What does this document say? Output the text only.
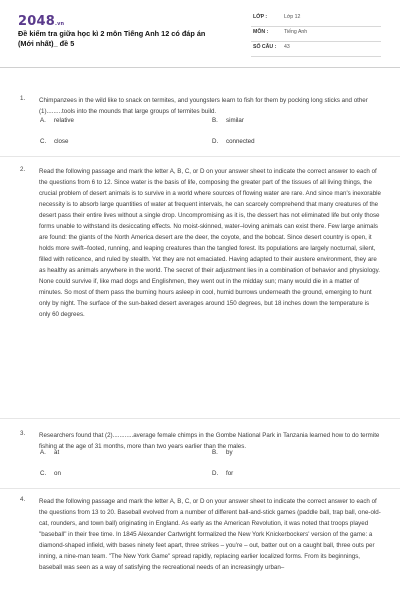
2048.vn
Đề kiểm tra giữa học kì 2 môn Tiếng Anh 12 có đáp án (Mới nhất)_ đề 5
LỚP :	Lớp 12
MÔN :	Tiếng Anh
SỐ CÂU : 43
1. Chimpanzees in the wild like to snack on termites, and youngsters learn to fish for them by pocking long sticks and other (1).........tools into the mounds that large groups of termites build.

A. relative	B. similar
C. close	D. connected
2. Read the following passage and mark the letter A, B, C, or D on your answer sheet to indicate the correct answer to each of the questions from 6 to 12. Since water is the basis of life, composing the greater part of the tissues of all living things, the crucial problem of desert animals is to survive in a world where sources of flowing water are rare. And since man's inexorable necessity is to absorb large quantities of water at frequent intervals, he can scarcely comprehend that many creatures of the desert pass their entire lives without a single drop. Uncompromising as it is, the dessert has not eliminated life but only those forms unable to withstand its desiccating effects. No moist-skinned, water–loving animals can exist there. Few large animals are found: the giants of the North America desert are the deer, the coyote, and the bobcat. Since desert country is open, it holds more swift–footed, running, and leaping creatures than the tangled forest. Its populations are largely nocturnal, silent, filled with reticence, and ruled by stealth. Yet they are not emaciated. Having adapted to their austere environment, they are as healthy as animals anywhere in the world. The secret of their adjustment lies in a combination of behavior and physiology. None could survive if, like mad dogs and Englishmen, they went out in the midday sun; many would die in a matter of minutes. So most of them pass the burning hours asleep in cool, humid burrows underneath the ground, emerging to hunt only by night. The surface of the sun-baked desert averages around 150 degrees, but 18 inches down the temperature is only 60 degrees.

3. Researchers found that (2)............average female chimps in the Gombe National Park in Tanzania learned how to do termite fishing at the age of 31 months, more than two years earlier than the males.

A. at	B. by
C. on	D. for
4. Read the following passage and mark the letter A, B, C, or D on your answer sheet to indicate the correct answer to each of the questions from 13 to 20. Baseball evolved from a number of different ball-and-stick games (paddle ball, trap ball, one-old-cat, rounders, and town ball) originating in England. As early as the American Revolution, it was noted that troops played "baseball" in their free time. In 1845 Alexander Cartwright formalized the New York Knickerbockers' version of the game: a diamond-shaped infield, with bases ninety feet apart, three strikes – you're – out, batter out on a caught ball, three outs per inning, a nine-man team. "The New York Game" spread rapidly, replacing earlier localized forms. From its beginnings, baseball was seen as a way of satisfying the recreational needs of an increasingly urban–
